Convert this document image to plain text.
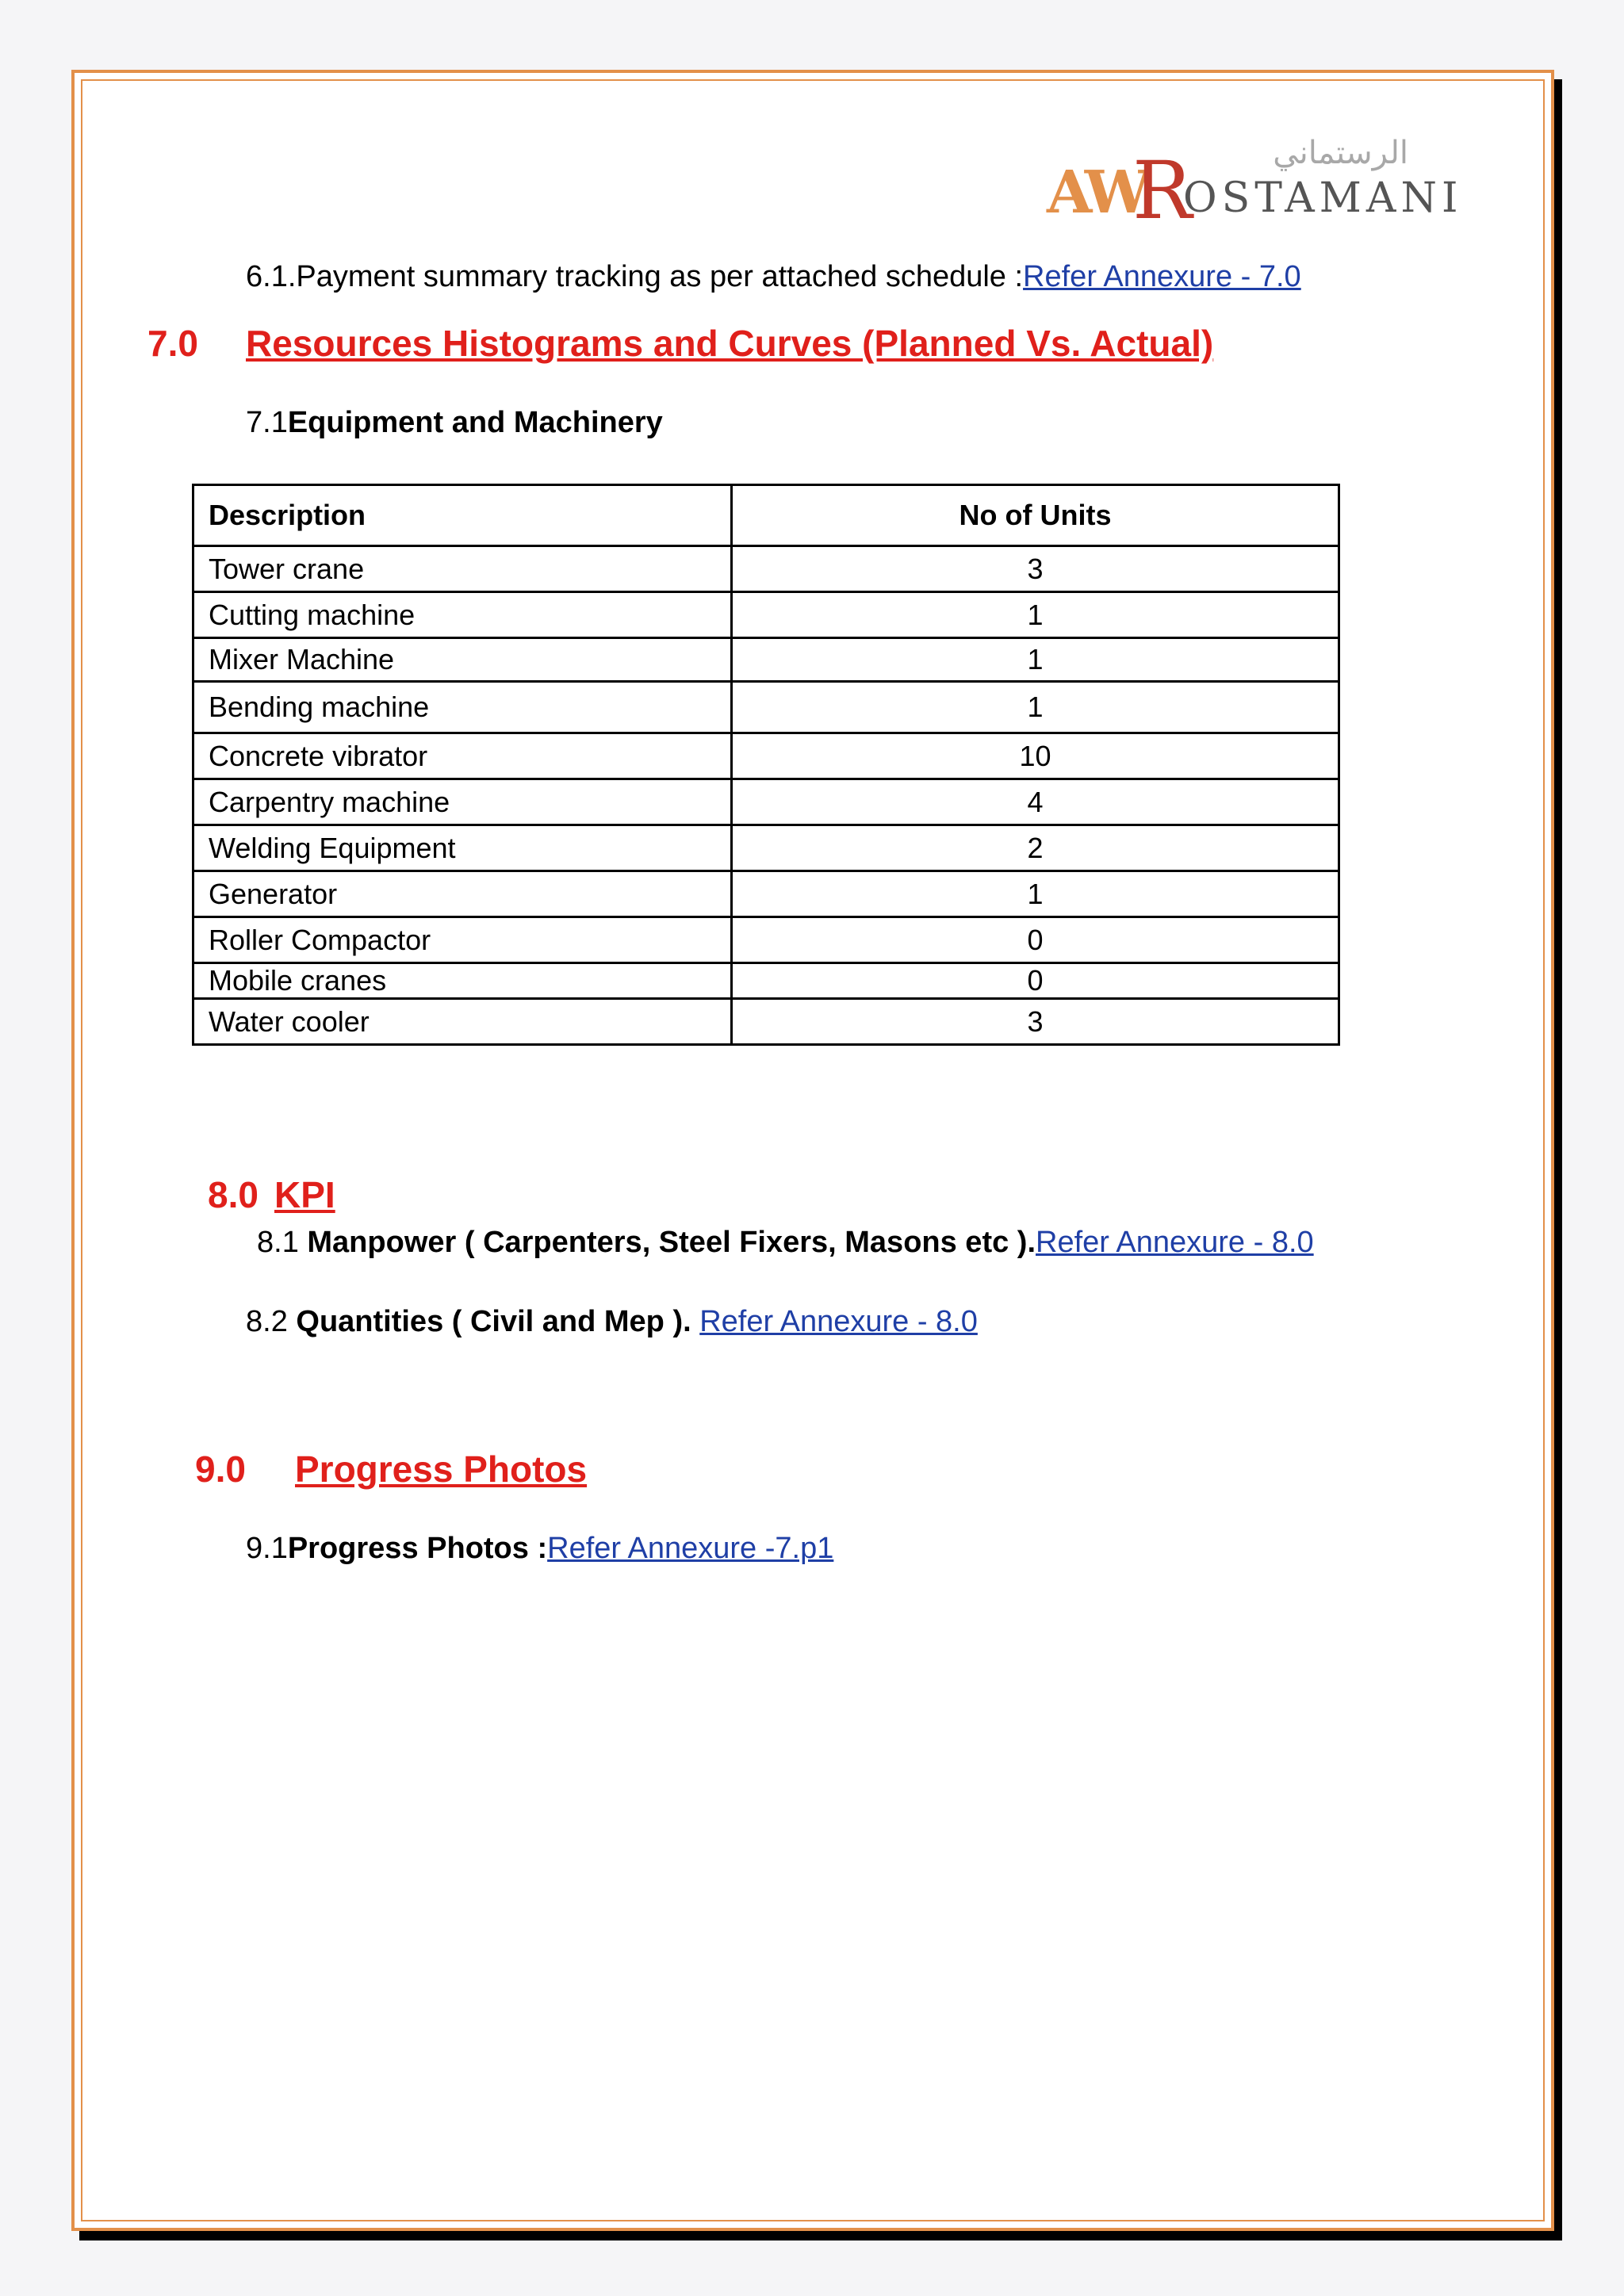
الرستماني
AW
R
OSTAMANI
6.1.Payment summary tracking as per attached schedule :Refer Annexure - 7.0
7.0 Resources Histograms and Curves (Planned Vs. Actual)
7.1Equipment and Machinery
Description	No of Units
Tower crane	3
Cutting machine	1
Mixer Machine	1
Bending machine	1
Concrete vibrator	10
Carpentry machine	4
Welding Equipment	2
Generator	1
Roller Compactor	0
Mobile cranes	0
Water cooler	3
8.0 KPI
8.1 Manpower ( Carpenters, Steel Fixers, Masons etc ).Refer Annexure - 8.0
8.2 Quantities ( Civil and Mep ). Refer Annexure - 8.0
9.0 Progress Photos
9.1Progress Photos :Refer Annexure -7.p1
